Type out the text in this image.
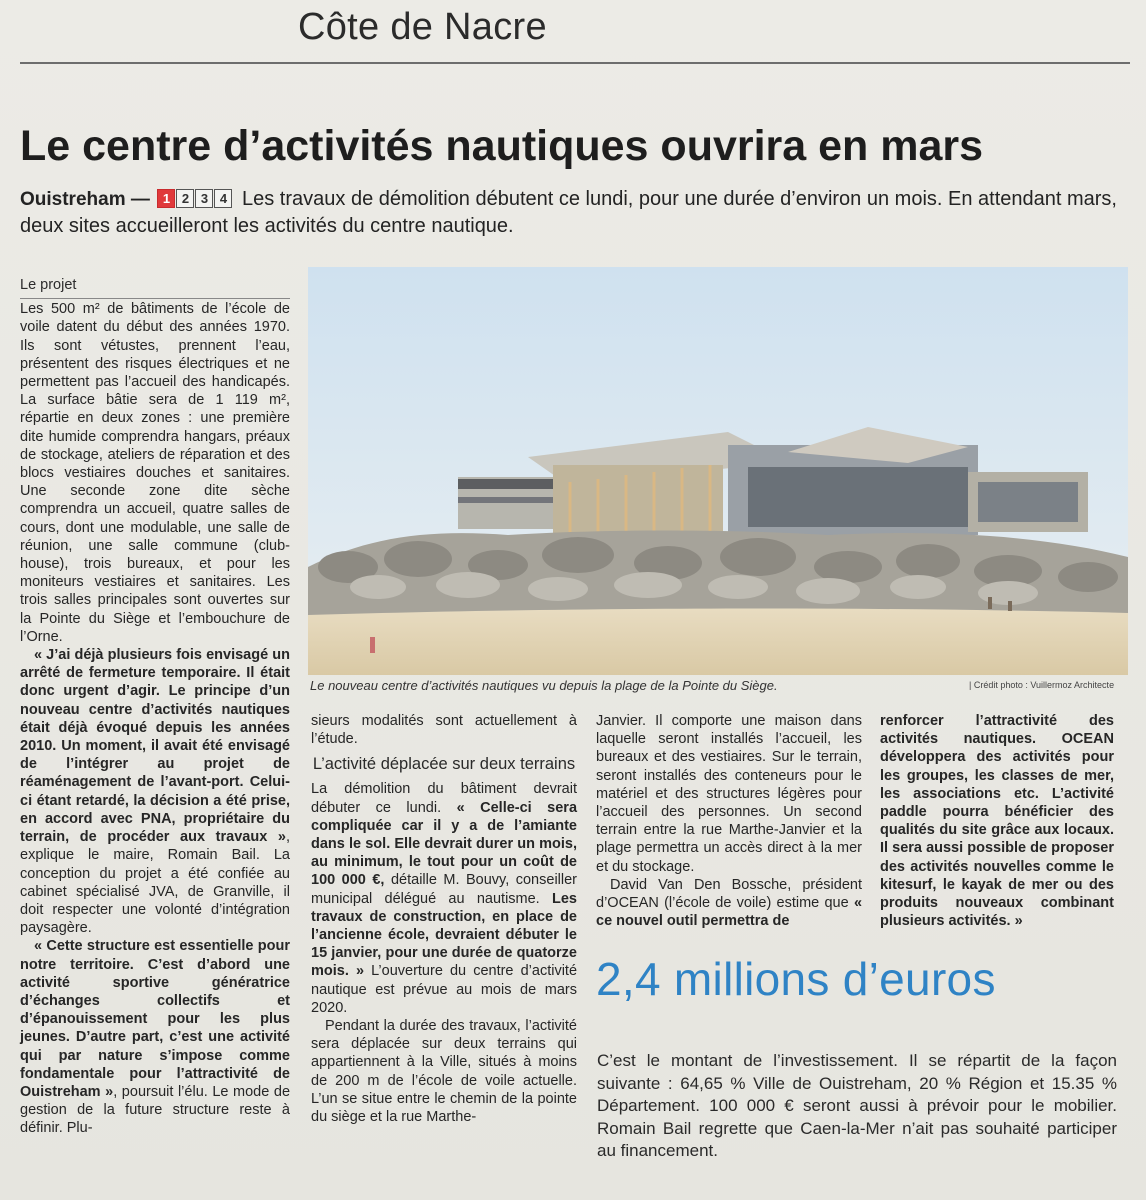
Côte de Nacre
Le centre d’activités nautiques ouvrira en mars
Ouistreham — 1 2 3 4 Les travaux de démolition débutent ce lundi, pour une durée d’environ un mois. En attendant mars, deux sites accueilleront les activités du centre nautique.
Le projet

Les 500 m² de bâtiments de l’école de voile datent du début des années 1970. Ils sont vétustes, prennent l’eau, présentent des risques électriques et ne permettent pas l’accueil des handicapés. La surface bâtie sera de 1 119 m², répartie en deux zones : une première dite humide comprendra hangars, préaux de stockage, ateliers de réparation et des blocs vestiaires douches et sanitaires. Une seconde zone dite sèche comprendra un accueil, quatre salles de cours, dont une modulable, une salle de réunion, une salle commune (club-house), trois bureaux, et pour les moniteurs vestiaires et sanitaires. Les trois salles principales sont ouvertes sur la Pointe du Siège et l’embouchure de l’Orne.

« J’ai déjà plusieurs fois envisagé un arrêté de fermeture temporaire. Il était donc urgent d’agir. Le principe d’un nouveau centre d’activités nautiques était déjà évoqué depuis les années 2010. Un moment, il avait été envisagé de l’intégrer au projet de réaménagement de l’avant-port. Celui-ci étant retardé, la décision a été prise, en accord avec PNA, propriétaire du terrain, de procéder aux travaux », explique le maire, Romain Bail. La conception du projet a été confiée au cabinet spécialisé JVA, de Granville, il doit respecter une volonté d’intégration paysagère.

« Cette structure est essentielle pour notre territoire. C’est d’abord une activité sportive génératrice d’échanges collectifs et d’épanouissement pour les plus jeunes. D’autre part, c’est une activité qui par nature s’impose comme fondamentale pour l’attractivité de Ouistreham », poursuit l’élu. Le mode de gestion de la future structure reste à définir. Plu-

Le nouveau centre d’activités nautiques vu depuis la plage de la Pointe du Siège.	| Crédit photo : Vuillermoz Architecte

sieurs modalités sont actuellement à l’étude.

L’activité déplacée sur deux terrains

La démolition du bâtiment devrait débuter ce lundi. « Celle-ci sera compliquée car il y a de l’amiante dans le sol. Elle devrait durer un mois, au minimum, le tout pour un coût de 100 000 €, détaille M. Bouvy, conseiller municipal délégué au nautisme. Les travaux de construction, en place de l’ancienne école, devraient débuter le 15 janvier, pour une durée de quatorze mois. » L’ouverture du centre d’activité nautique est prévue au mois de mars 2020.

Pendant la durée des travaux, l’activité sera déplacée sur deux terrains qui appartiennent à la Ville, situés à moins de 200 m de l’école de voile actuelle. L’un se situe entre le chemin de la pointe du siège et la rue Marthe-

Janvier. Il comporte une maison dans laquelle seront installés l’accueil, les bureaux et des vestiaires. Sur le terrain, seront installés des conteneurs pour le matériel et des structures légères pour l’accueil des personnes. Un second terrain entre la rue Marthe-Janvier et la plage permettra un accès direct à la mer et du stockage.

David Van Den Bossche, président d’OCEAN (l’école de voile) estime que « ce nouvel outil permettra de

renforcer l’attractivité des activités nautiques. OCEAN développera des activités pour les groupes, les classes de mer, les associations etc. L’activité paddle pourra bénéficier des qualités du site grâce aux locaux. Il sera aussi possible de proposer des activités nouvelles comme le kitesurf, le kayak de mer ou des produits nouveaux combinant plusieurs activités. »

2,4 millions d’euros
C’est le montant de l’investissement. Il se répartit de la façon suivante : 64,65 % Ville de Ouistreham, 20 % Région et 15.35 % Département. 100 000 € seront aussi à prévoir pour le mobilier. Romain Bail regrette que Caen-la-Mer n’ait pas souhaité participer au financement.
